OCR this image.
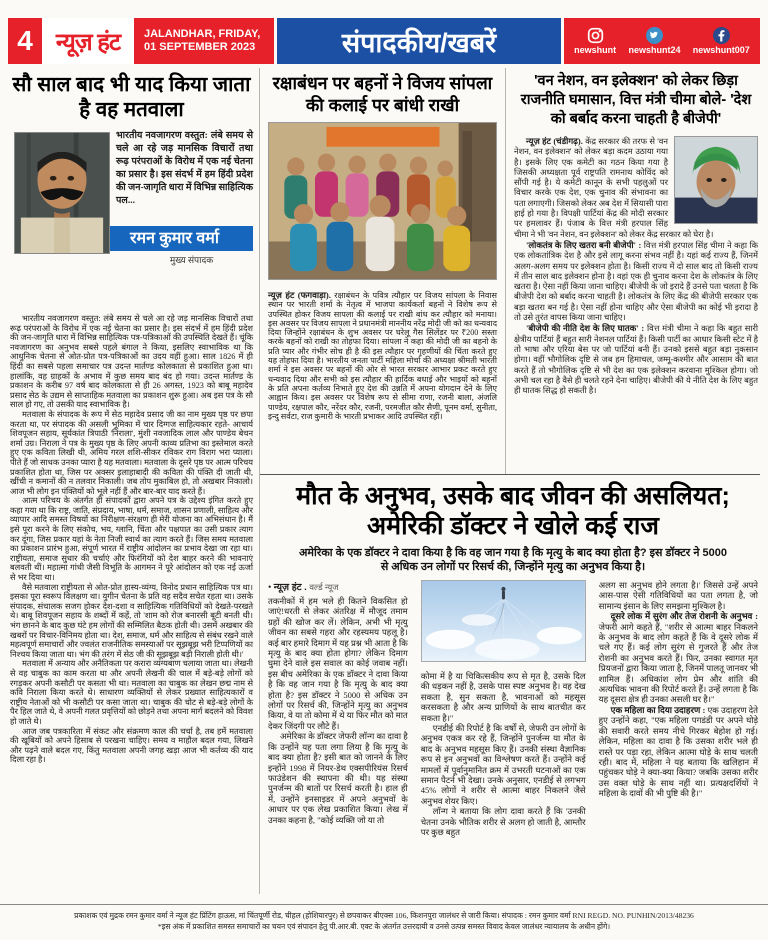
4 न्यूज़ हंट	JALANDHAR, FRIDAY,
01 SEPTEMBER 2023	संपादकीय/खबरें	newshunt newshunt24 newshunt007
सौ साल बाद भी याद किया जाता है वह मतवाला

भारतीय नवजागरण वस्तुत: लंबे समय से चले आ रहे जड़ मानसिक विचारों तथा रूढ़ परंपराओं के विरोध में एक नई चेतना का प्रसार है। इस संदर्भ में हम हिंदी प्रदेश की जन-जागृति धारा में विभिन्न साहित्यिक पल...

रमन कुमार वर्मा
मुख्य संपादक

भारतीय नवजागरण वस्तुत: लंबे समय से चले आ रहे जड़ मानसिक विचारों तथा रूढ़ परंपराओं के विरोध में एक नई चेतना का प्रसार है। इस संदर्भ में हम हिंदी प्रदेश की जन-जागृति धारा में विभिन्न साहित्यिक पत्र-पत्रिकाओं की उपस्थिति देखते हैं। चूंकि नवजागरण का अनुभव सबसे पहले बंगाल ने किया, इसलिए स्वाभाविक था कि आधुनिक चेतना से ओत-प्रोत पत्र-पत्रिकाओं का उदय वहीं हुआ। साल 1826 में ही हिंदी का सबसे पहला समाचार पत्र उदन्त मार्तण्ड कोलकाता से प्रकाशित हुआ था। हालांकि, वह ग्राहकों के अभाव में कुछ समय बाद बंद हो गया। उदन्त मार्तण्ड के प्रकाशन के करीब 97 वर्ष बाद कोलकाता से ही 26 अगस्त, 1923 को बाबू महादेव प्रसाद सेठ के उद्यम से साप्ताहिक मतवाला का प्रकाशन शुरू हुआ। अब इस पत्र के सौ साल हो गए, तो उसकी याद स्वाभाविक है।

मतवाला के संपादक के रूप में सेठ महादेव प्रसाद जी का नाम मुख्य पृष्ठ पर छपा करता था, पर संपादक की असली भूमिका में चार दिग्गज साहित्यकार रहते- आचार्य शिवपूजन सहाय, सूर्यकांत त्रिपाठी 'निराला', मुंशी नवजादिक लाल और पाण्डेय बेचन शर्मा उग्र। निराला ने पत्र के मुख्य पृष्ठ के लिए अपनी काव्य प्रतिभा का इस्तेमाल करते हुए एक कविता लिखी थी, अमिय गरल शशि-सीकर रविकर राग विराग भरा प्याला। पीते हैं जो साधक उनका प्यारा है यह मतवाला। मतवाला के दूसरे पृष्ठ पर आत्म परिचय प्रकाशित होता था, जिस पर अक्सर इलाहाबादी की कविता की पंक्ति दी जाती थी, खींची न कमानों की न तलवार निकाली। जब तोप मुकाबिल हो, तो अखबार निकालो। आज भी लोग इन पंक्तियों को भूले नहीं हैं और बार-बार याद करते हैं।

आत्म परिचय के अंतर्गत ही संपादकों द्वारा अपने पत्र के उद्देश्य इंगित करते हुए कहा गया था कि राष्ट्र, जाति, संप्रदाय, भाषा, धर्म, समाज, शासन प्रणाली, साहित्य और व्यापार आदि समस्त विषयों का निरीक्षण-संरक्षण ही मेरी योजना का अभिसंधान है। मैं इसे पूरा करने के लिए संकोच, भय, ग्लानि, चिंता और पक्षपात का उसी प्रकार त्याग कर दूंगा, जिस प्रकार यहां के नेता निजी स्वार्थ का त्याग करते हैं। जिस समय मतवाला का प्रकाशन प्रारंभ हुआ, संपूर्ण भारत में राष्ट्रीय आंदोलन का प्रभाव देखा जा रहा था। राष्ट्रीयता, समाज सुधार की चर्चाएं और फिरंगियों को देश बाहर करने की भावनाएं बलवती थीं। महात्मा गांधी जैसी विभूति के आगमन ने पूरे आंदोलन को एक नई ऊर्जा से भर दिया था।

वैसे मतवाला राष्ट्रीयता से ओत-प्रोत हास्य-व्यंग्य, विनोद प्रधान साहित्यिक पत्र था। इसका पूरा स्वरूप विलक्षण था। युगीन चेतना के प्रति वह सदैव सचेत रहता था। उसके संपादक, संचालक सजग होकर देश-दशा व साहित्यिक गतिविधियों को देखते-परखते थे। बाबू शिवपूजन सहाय के शब्दों में कहें, तो 'शाम को रोज बनारसी बूटी बनती थी। भंग छानने के बाद कुछ घंटे हम लोगों की सम्मिलित बैठक होती थी। उसमें अखबार की खबरों पर विचार-विनिमय होता था। देश, समाज, धर्म और साहित्य से संबंध रखने वाले महत्वपूर्ण समाचारों और ज्वलंत राजनीतिक समस्याओं पर सूझबूझ भरी टिप्पणियों का निश्चय किया जाता था। भंग की तरंग में सेठ जी की सूझबूझ बड़ी निराली होती थी।'

मतवाला में अन्याय और अनैतिकता पर करारा व्यंग्यबाण चलाया जाता था। लेखनी से वह चाबुक का काम करता था और अपनी लेखनी की चाल में बड़े-बड़े लोगों को रगड़कर अपनी कसौटी पर कसता भी था। मतवाला का चाबुक का लेखन छद्म नाम से कवि निराला किया करते थे। साधारण व्यक्तियों से लेकर प्रख्यात साहित्यकारों व राष्ट्रीय नेताओं को भी कसौटी पर कसा जाता था। चाबुक की चोट से बड़े-बड़े लोगों के पैर हिल जाते थे, वे अपनी गलत प्रवृत्तियों को छोड़ने तथा अपना मार्ग बदलने को विवश हो जाते थे।

आज जब पत्रकारिता में संकट और संक्रमण काल की चर्चा है, तब हमें मतवाला की खूबियों को अपने हिसाब से परखना चाहिए। समय व माहौल बदल गया, लिखने और पढ़ने वाले बदल गए, किंतु मतवाला अपनी जगह खड़ा आज भी कर्तव्य की याद दिला रहा है।

रक्षाबंधन पर बहनों ने विजय सांपला की कलाई पर बांधी राखी

न्यूज़ हंट (फगवाड़ा). रक्षाबंधन के पवित्र त्यौहार पर विजय सांपला के निवास स्थान पर भारती शर्मा के नेतृत्व में भाजपा कार्यकर्ता बहनों ने विशेष रूप से उपस्थित होकर विजय सापला की कलाई पर राखी बांध कर त्यौहार को मनाया। इस अवसर पर विजय सापला ने प्रधानमंत्री माननीय नरेंद्र मोदी जी को का धन्यवाद दिया जिन्होंने रक्षाबंधन के शुभ अवसर पर घरेलू गैस सिलेंडर पर ₹200 सस्ता करके बहनों को राखी का तोहफा दिया। सांपला ने कहा की मोदी जी का बहनो के प्रति प्यार और गंभीर सोच ही है की इस त्यौहार पर गृहणीयों की चिंता करते हुए यह तोहफा दिया है। भारतीय जनता पार्टी महिला मोर्चा की अध्यक्षा श्रीमती भारती शर्मा ने इस अवसर पर बहनों की ओर से भारत सरकार आभार प्रकट करते हुए धन्यवाद दिया और सभी को इस त्यौहार की हार्दिक बधाई और भाइयों को बहनों के प्रति अपना कर्तव्य निभाते हुए देश की उन्नति में अपना योगदान देने के लिए आह्वान किय। इस अवसर पर विशेष रूप से सीमा राणा, रजनी बाला, अंजलि पाण्डेय, रक्षपाल कौर, नरेंदर कौर, रजनी, परमजीत कौर सैणी, पूनम वर्मा, सुनीता, इन्दु सर्वटा, राज कुमारी के भारती प्रभाकर आदि उपस्थित रहीं।

'वन नेशन, वन इलेक्शन' को लेकर छिड़ा राजनीति घमासान, वित्त मंत्री चीमा बोले- 'देश को बर्बाद करना चाहती है बीजेपी'

न्यूज़ हंट (चंडीगढ़). केंद्र सरकार की तरफ से 'वन नेशन, वन इलेक्शन' को लेकर बड़ा कदम उठाया गया है। इसके लिए एक कमेटी का गठन किया गया है जिसकी अध्यक्षता पूर्व राष्ट्रपति रामनाथ कोविंद को सौंपी गई है। ये कमेटी कानून के सभी पहलुओं पर विचार करके एक देश, एक चुनाव की संभावना का पता लगाएगी। जिसको लेकर अब देश में सियासी पारा हाई हो गया है। विपक्षी पार्टियां केंद्र की मोदी सरकार पर हमलावर हैं। पंजाब के वित्त मंत्री हरपाल सिंह चीमा ने भी 'वन नेशन, वन इलेक्शन' को लेकर केंद्र सरकार को घेरा है।

'लोकतंत्र के लिए खतरा बनी बीजेपी' : वित्त मंत्री हरपाल सिंह चीमा ने कहा कि एक लोकतांत्रिक देश है और इसे लागू करना संभव नहीं है। यहां कई राज्य हैं, जिनमें अलग-अलग समय पर इलेक्शन होता है। किसी राज्य में दो साल बाद तो किसी राज्य में तीन साल बाद इलेक्शन होना है। वहां एक ही चुनाव करना देश के लोकतंत्र के लिए खतरा है। ऐसा नहीं किया जाना चाहिए। बीजेपी के जो इरादे हैं उनसे पता चलता है कि बीजेपी देश को बर्बाद करना चाहती है। लोकतंत्र के लिए केंद्र की बीजेपी सरकार एक बड़ा खतरा बन गई है। ऐसा नहीं होना चाहिए और ऐसा बीजेपी का कोई भी इरादा है तो उसे तुरंत वापस किया जाना चाहिए।

'बीजेपी की नीति देश के लिए घातक' : वित्त मंत्री चीमा ने कहा कि बहुत सारी क्षेत्रीय पार्टियां हैं बहुत सारी नेशनल पार्टियां हैं। किसी पार्टी का आधार किसी स्टेट में है तो भाषा और एरिया बेस पर जो पार्टियां बनी हैं। उनको इससे बहुत बड़ा नुकसान होगा। वहीं भौगोलिक दृष्टि से जब हम हिमाचल, जम्मू-कश्मीर और आसाम की बात करते हैं तो भौगोलिक दृष्टि से भी देश का एक इलेक्शन करवाना मुश्किल होगा। जो अभी चल रहा है वैसे ही चलते रहने देना चाहिए। बीजेपी की ये नीति देश के लिए बहुत ही घातक सिद्ध हो सकती है।

मौत के अनुभव, उसके बाद जीवन की असलियत; अमेरिकी डॉक्टर ने खोले कई राज

अमेरिका के एक डॉक्टर ने दावा किया है कि वह जान गया है कि मृत्यु के बाद क्या होता है? इस डॉक्टर ने 5000 से अधिक उन लोगों पर रिसर्च की, जिन्होंने मृत्यु का अनुभव किया है।

• न्यूज़ हंट . वर्ल्ड न्यूज

तकनीकों में हम भले ही कितने विकसित हो जाएं!धरती से लेकर अंतरिक्ष में मौजूद तमाम ग्रहों की खोज कर लें। लेकिन, अभी भी मृत्यु जीवन का सबसे गहरा और रहस्यमय पहलू है। कई बार हमारे दिमाग में यह प्रश्न भी आता है कि मृत्यु के बाद क्या होता होगा? लेकिन दिमाग घुमा देने वाले इस सवाल का कोई जवाब नहीं। इस बीच अमेरिका के एक डॉक्टर ने दावा किया है कि वह जान गया है कि मृत्यु के बाद क्या होता है? इस डॉक्टर ने 5000 से अधिक उन लोगों पर रिसर्च की, जिन्होंने मृत्यु का अनुभव किया, वे या तो कोमा में थे या फिर मौत को मात देकर जिंदगी पर लौटे हैं।

अमेरिका के डॉक्टर जेफरी लॉन्ग का दावा है कि उन्होंने यह पता लगा लिया है कि मृत्यु के बाद क्या होता है? इसी बात को जानने के लिए इन्होंने 1998 में नियर-डेथ एक्सपीरियंस रिसर्च फाउंडेशन की स्थापना की थी। यह संस्था पुनर्जन्म की बातों पर रिसर्च करती है। हाल ही में, उन्होंने इनसाइडर में अपने अनुभवों के आधार पर एक लेख प्रकाशित किया। लेख में उनका कहना है, "कोई व्यक्ति जो या तो

कोमा में है या चिकित्सकीय रूप से मृत है, उसके दिल की धड़कन नहीं है, उसके पास स्पष्ट अनुभव है। वह देख सकता है, सुन सकता है, भावनाओं को महसूस करसकता है और अन्य प्राणियों के साथ बातचीत कर सकता है।"

एनडीई की रिपोर्ट है कि वर्षों से, जेफरी उन लोगों के अनुभव एकत्र कर रहे हैं, जिन्होंने पुनर्जन्म या मौत के बाद के अनुभव महसूस किए हैं। उनकी संस्था वैज्ञानिक रूप से इन अनुभवों का विश्लेषण करते हैं। उन्होंने कई मामलों में पूर्वानुमानित क्रम में उभरती घटनाओं का एक समान पैटर्न भी देखा। उनके अनुसार, एनडीई से लगभग 45% लोगों ने शरीर से आत्मा बाहर निकलने जैसे अनुभव शेयर किए।

लॉन्ग ने बताया कि लोग दावा करते हैं कि 'उनकी चेतना उनके भौतिक शरीर से अलग हो जाती है, आम्तौर पर कुछ बहुत

अलग सा अनुभव होने लगता है।' जिससे उन्हें अपने आस-पास ऐसी गतिविधियों का पता लगता है, जो सामान्य इंसान के लिए समझना मुश्किल है।

दूसरे लोक में सुरंग और तेज रोशनी के अनुभव : जेफरी आगे कहते हैं, "शरीर से आत्मा बाहर निकलने के अनुभव के बाद लोग कहते हैं कि वे दूसरे लोक में चले गए हैं। कई लोग सुरंग से गुजरते हैं और तेज रोशनी का अनुभव करते हैं। फिर, उनका स्वागत मृत प्रियजनों द्वारा किया जाता है, जिनमें पालतू जानवर भी शामिल हैं। अधिकांश लोग प्रेम और शांति की अत्यधिक भावना की रिपोर्ट करते हैं। उन्हें लगता है कि यह दूसरा क्षेत्र ही उनका असली घर है।"

एक महिला का दिया उदाहरण : एक उदाहरण देते हुए उन्होंने कहा, "एक महिला पगडंडी पर अपने घोड़े की सवारी करते समय नीचे गिरकर बेहोश हो गई। लेकिन, महिला का दावा है कि उसका शरीर भले ही रास्ते पर पड़ा रहा, लेकिन आत्मा घोड़े के साथ चलती रही। बाद में, महिला ने यह बताया कि खलिहान में पहुंचकर घोड़े ने क्या-क्या किया? जबकि उसका शरीर उस वक्त घोड़े के साथ नहीं था। प्रत्यक्षदर्शियों ने महिला के दावों की भी पुष्टि की है।"

प्रकाशक एवं मुद्रक रमन कुमार वर्मा ने न्यूज हंट प्रिंटिंग हाऊस, मां चिंतपूर्णी रोड, चीहल (होशियारपुर) से छपवाकर बीएक्स 106, किशनपुरा जालंधर से जारी किया। संपादक : रमन कुमार वर्मा RNI REGD. NO. PUNHIN/2013/48236
*इस अंक में प्रकाशित समस्त समाचारों का चयन एवं संपादन हेतु पी.आर.बी. एक्ट के अंतर्गत उत्तरदायी व उनसे उत्पन्न समस्त विवाद केवल जालंधर न्यायालय के अधीन होंगे।
